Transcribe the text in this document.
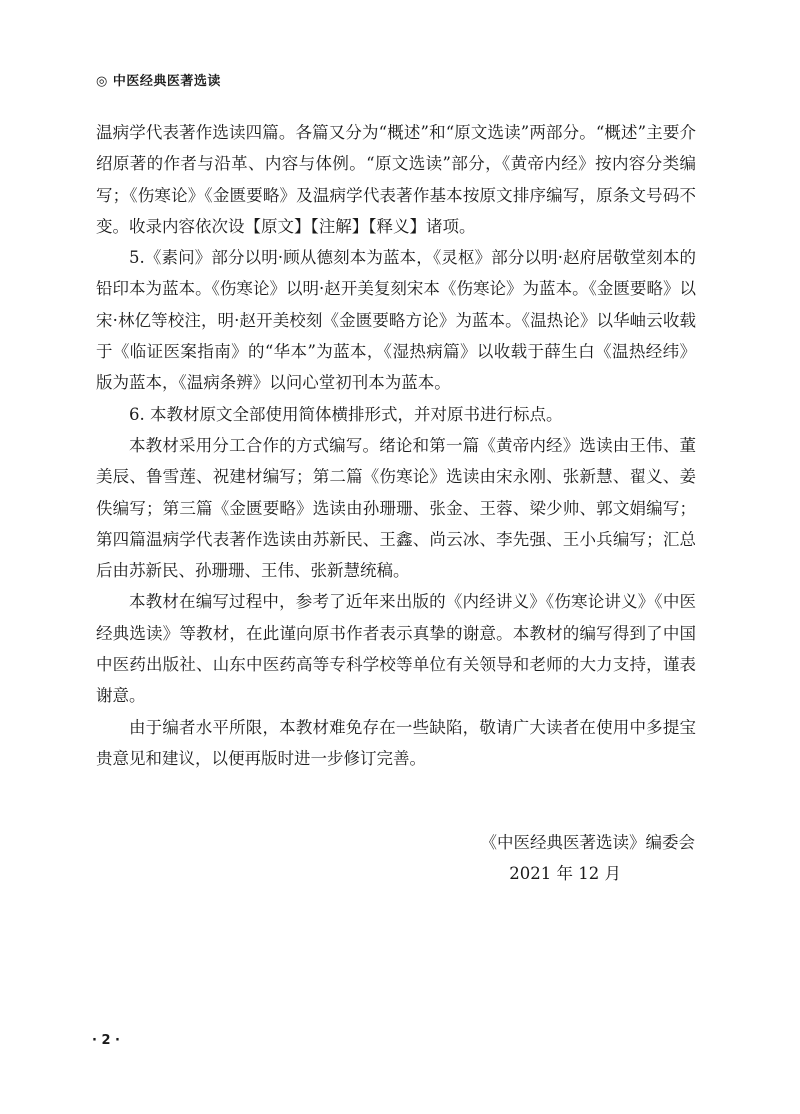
◎ 中医经典医著选读

温病学代表著作选读四篇。各篇又分为“概述”和“原文选读”两部分。“概述”主要介绍原著的作者与沿革、内容与体例。“原文选读”部分，《黄帝内经》按内容分类编写；《伤寒论》《金匮要略》及温病学代表著作基本按原文排序编写，原条文号码不变。收录内容依次设【原文】【注解】【释义】诸项。

5.《素问》部分以明·顾从德刻本为蓝本，《灵枢》部分以明·赵府居敬堂刻本的铅印本为蓝本。《伤寒论》以明·赵开美复刻宋本《伤寒论》为蓝本。《金匮要略》以宋·林亿等校注，明·赵开美校刻《金匮要略方论》为蓝本。《温热论》以华岫云收载于《临证医案指南》的“华本”为蓝本，《湿热病篇》以收载于薛生白《温热经纬》版为蓝本，《温病条辨》以问心堂初刊本为蓝本。

6. 本教材原文全部使用简体横排形式，并对原书进行标点。

本教材采用分工合作的方式编写。绪论和第一篇《黄帝内经》选读由王伟、董美辰、鲁雪莲、祝建材编写；第二篇《伤寒论》选读由宋永刚、张新慧、翟义、姜佚编写；第三篇《金匮要略》选读由孙珊珊、张金、王蓉、梁少帅、郭文娟编写；第四篇温病学代表著作选读由苏新民、王鑫、尚云冰、李先强、王小兵编写；汇总后由苏新民、孙珊珊、王伟、张新慧统稿。

本教材在编写过程中，参考了近年来出版的《内经讲义》《伤寒论讲义》《中医经典选读》等教材，在此谨向原书作者表示真挚的谢意。本教材的编写得到了中国中医药出版社、山东中医药高等专科学校等单位有关领导和老师的大力支持，谨表谢意。

由于编者水平所限，本教材难免存在一些缺陷，敬请广大读者在使用中多提宝贵意见和建议，以便再版时进一步修订完善。

《中医经典医著选读》编委会
2021 年 12 月
· 2 ·
